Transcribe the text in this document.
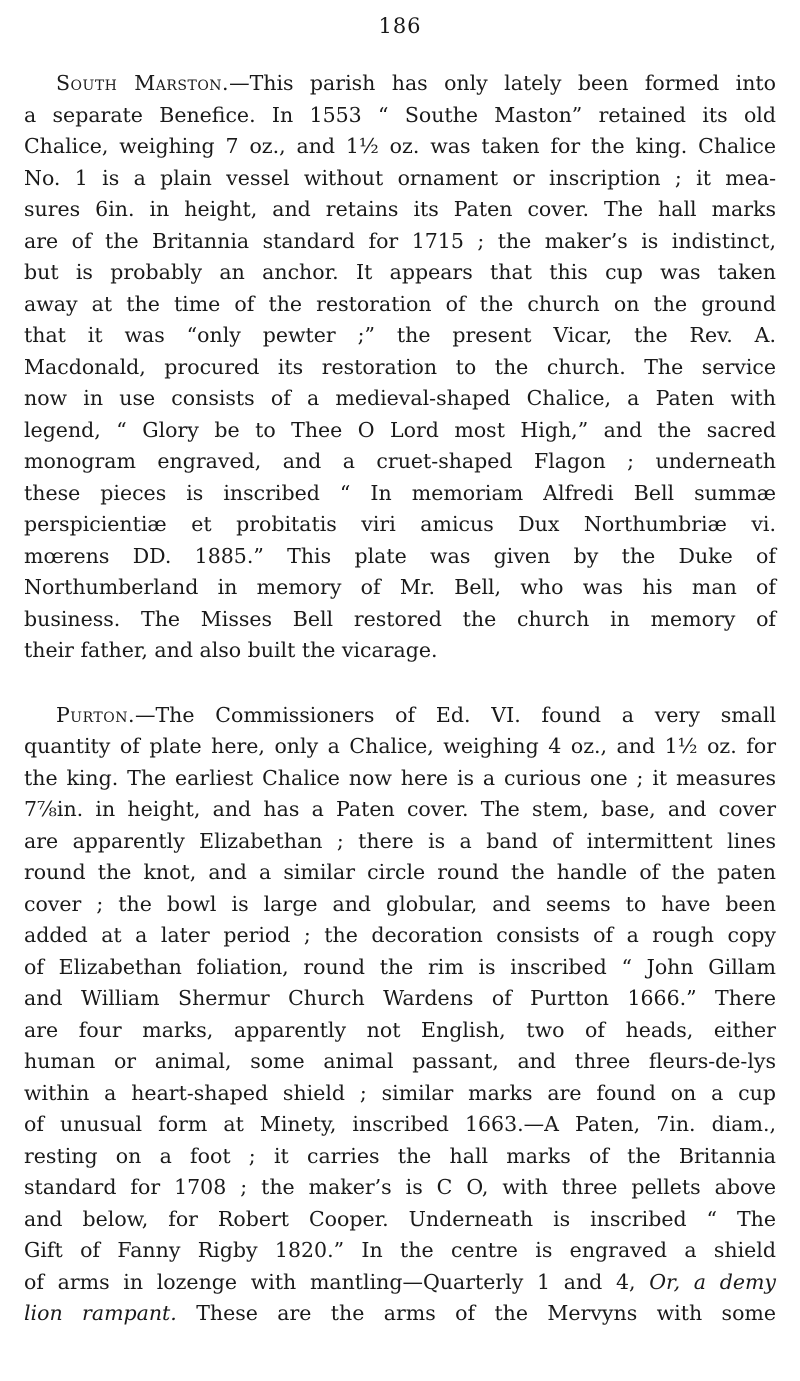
186
South Marston.—This parish has only lately been formed into
a separate Benefice. In 1553 “ Southe Maston” retained its old
Chalice, weighing 7 oz., and 1½ oz. was taken for the king. Chalice
No. 1 is a plain vessel without ornament or inscription ; it mea-
sures 6in. in height, and retains its Paten cover. The hall marks
are of the Britannia standard for 1715 ; the maker’s is indistinct,
but is probably an anchor. It appears that this cup was taken
away at the time of the restoration of the church on the ground
that it was “only pewter ;” the present Vicar, the Rev. A.
Macdonald, procured its restoration to the church. The service
now in use consists of a medieval-shaped Chalice, a Paten with
legend, “ Glory be to Thee O Lord most High,” and the sacred
monogram engraved, and a cruet-shaped Flagon ; underneath
these pieces is inscribed “ In memoriam Alfredi Bell summæ
perspicientiæ et probitatis viri amicus Dux Northumbriæ vi.
mœrens DD. 1885.” This plate was given by the Duke of
Northumberland in memory of Mr. Bell, who was his man of
business. The Misses Bell restored the church in memory of
their father, and also built the vicarage.
Purton.—The Commissioners of Ed. VI. found a very small
quantity of plate here, only a Chalice, weighing 4 oz., and 1½ oz. for
the king. The earliest Chalice now here is a curious one ; it measures
7⅞in. in height, and has a Paten cover. The stem, base, and cover
are apparently Elizabethan ; there is a band of intermittent lines
round the knot, and a similar circle round the handle of the paten
cover ; the bowl is large and globular, and seems to have been
added at a later period ; the decoration consists of a rough copy
of Elizabethan foliation, round the rim is inscribed “ John Gillam
and William Shermur Church Wardens of Purtton 1666.” There
are four marks, apparently not English, two of heads, either
human or animal, some animal passant, and three fleurs-de-lys
within a heart-shaped shield ; similar marks are found on a cup
of unusual form at Minety, inscribed 1663.—A Paten, 7in. diam.,
resting on a foot ; it carries the hall marks of the Britannia
standard for 1708 ; the maker’s is C O, with three pellets above
and below, for Robert Cooper. Underneath is inscribed “ The
Gift of Fanny Rigby 1820.” In the centre is engraved a shield
of arms in lozenge with mantling—Quarterly 1 and 4, Or, a demy
lion rampant. These are the arms of the Mervyns with some
